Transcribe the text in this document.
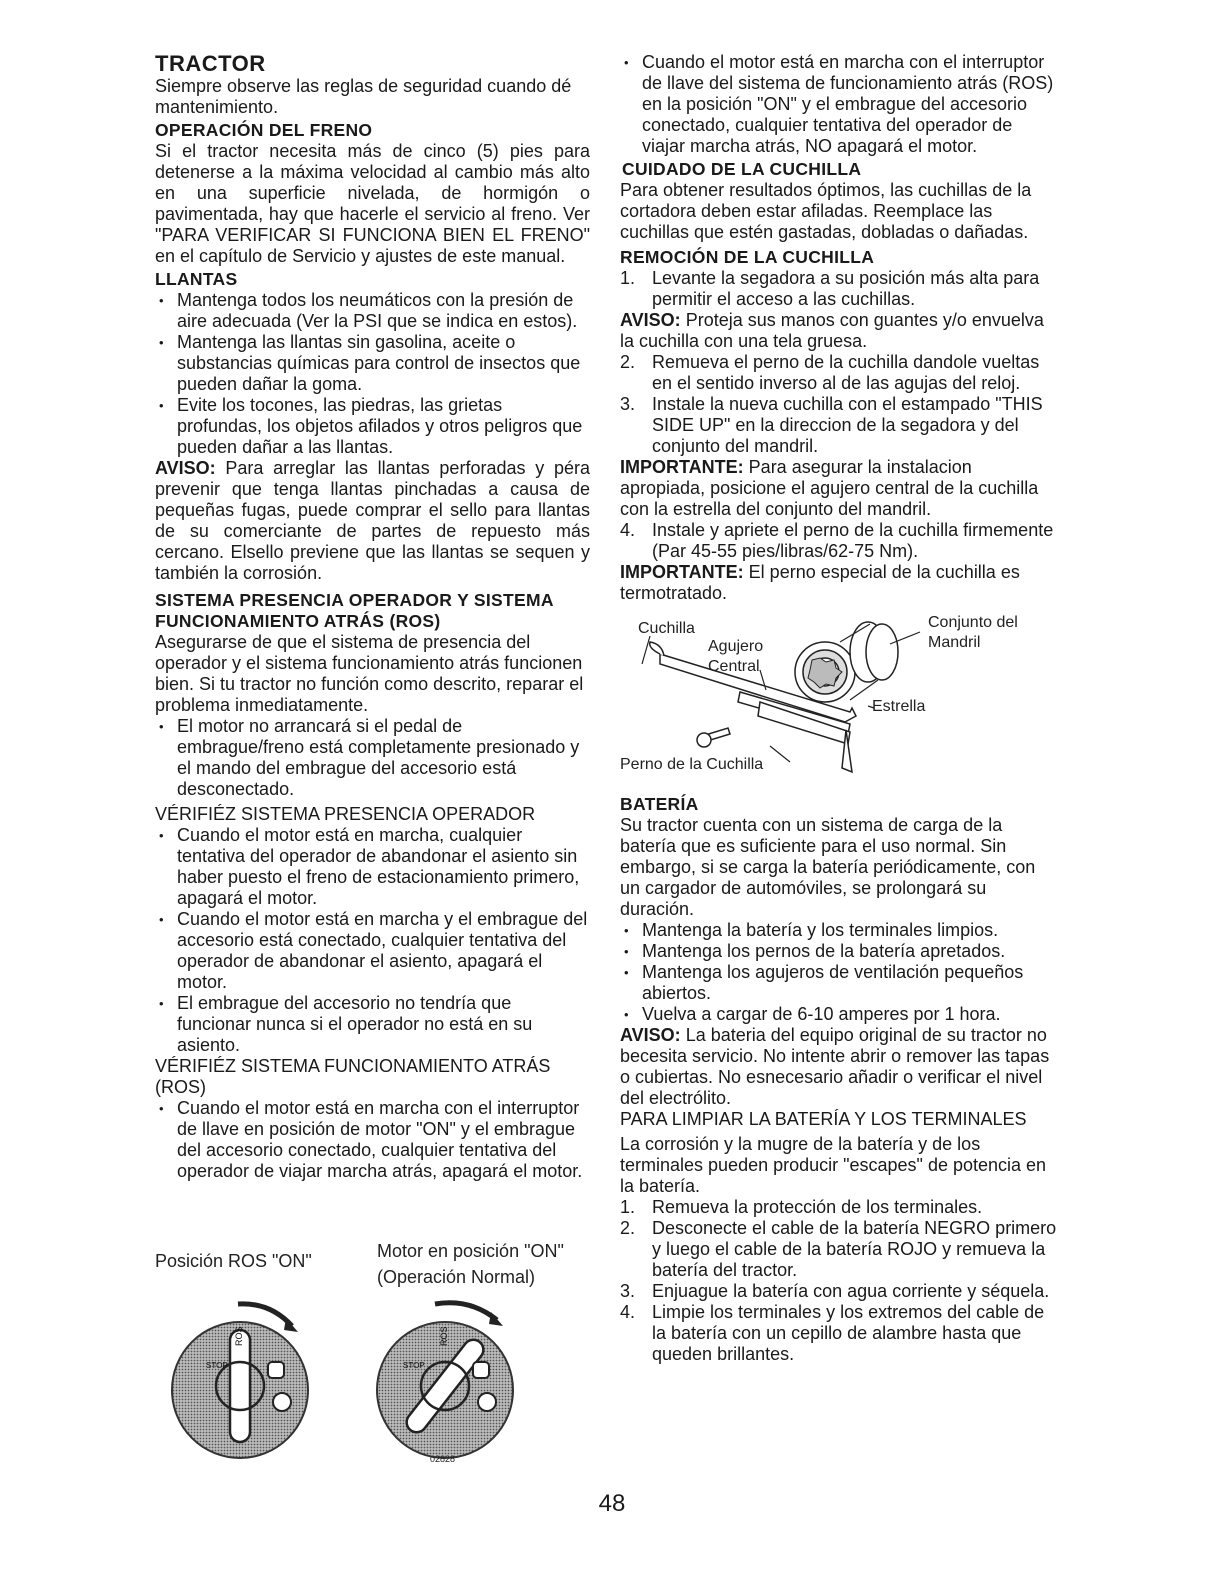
TRACTOR

Siempre observe las reglas de seguridad cuando dé mantenimiento.

OPERACIÓN DEL FRENO

Si el tractor necesita más de cinco (5) pies para detenerse a la máxima velocidad al cambio más alto en una superficie nivelada, de hormigón o pavimentada, hay que hacerle el servicio al freno. Ver "PARA VERIFICAR SI FUNCIONA BIEN EL FRENO" en el capítulo de Servicio y ajustes de este manual.

LLANTAS
• Mantenga todos los neumáticos con la presión de aire adecuada (Ver la PSI que se indica en estos).
• Mantenga las llantas sin gasolina, aceite o substancias químicas para control de insectos que pueden dañar la goma.
• Evite los tocones, las piedras, las grietas profundas, los objetos afilados y otros peligros que pueden dañar a las llantas.

AVISO: Para arreglar las llantas perforadas y péra prevenir que tenga llantas pinchadas a causa de pequeñas fugas, puede comprar el sello para llantas de su comerciante de partes de repuesto más cercano. Elsello previene que las llantas se sequen y también la corrosión.

SISTEMA PRESENCIA OPERADOR Y SISTEMA FUNCIONAMIENTO ATRÁS (ROS)

Asegurarse de que el sistema de presencia del operador y el sistema funcionamiento atrás funcionen bien. Si tu tractor no función como descrito, reparar el problema inmediatamente.

• El motor no arrancará si el pedal de embrague/freno está completamente presionado y el mando del embrague del accesorio está desconectado.

VÉRIFIÉZ SISTEMA PRESENCIA OPERADOR

• Cuando el motor está en marcha, cualquier tentativa del operador de abandonar el asiento sin haber puesto el freno de estacionamiento primero, apagará el motor.
• Cuando el motor está en marcha y el embrague del accesorio está conectado, cualquier tentativa del operador de abandonar el asiento, apagará el motor.
• El embrague del accesorio no tendría que funcionar nunca si el operador no está en su asiento.

VÉRIFIÉZ SISTEMA FUNCIONAMIENTO ATRÁS (ROS)

• Cuando el motor está en marcha con el interruptor de llave en posición de motor "ON" y el embrague del accesorio conectado, cualquier tentativa del operador de viajar marcha atrás, apagará el motor.
Posición ROS "ON"	Motor en posición "ON"
(Operación Normal)
STOP
ROS
STOP
ROS
02828
• Cuando el motor está en marcha con el interruptor de llave del sistema de funcionamiento atrás (ROS) en la posición "ON" y el embrague del accesorio conectado, cualquier tentativa del operador de viajar marcha atrás, NO apagará el motor.
CUIDADO DE LA CUCHILLA

Para obtener resultados óptimos, las cuchillas de la cortadora deben estar afiladas. Reemplace las cuchillas que estén gastadas, dobladas o dañadas.

REMOCIÓN DE LA CUCHILLA
1. Levante la segadora a su posición más alta para permitir el acceso a las cuchillas.

AVISO: Proteja sus manos con guantes y/o envuelva la cuchilla con una tela gruesa.

2. Remueva el perno de la cuchilla dandole vueltas en el sentido inverso al de las agujas del reloj.
3. Instale la nueva cuchilla con el estampado "THIS SIDE UP" en la direccion de la segadora y del conjunto del mandril.

IMPORTANTE: Para asegurar la instalacion apropiada, posicione el agujero central de la cuchilla con la estrella del conjunto del mandril.

4. Instale y apriete el perno de la cuchilla firmemente (Par 45-55 pies/libras/62-75 Nm).

IMPORTANTE: El perno especial de la cuchilla es termotratado.

Cuchilla
Agujero
Central
Conjunto del
Mandril
Estrella
Perno de la Cuchilla
BATERÍA

Su tractor cuenta con un sistema de carga de la batería que es suficiente para el uso normal. Sin embargo, si se carga la batería periódicamente, con un cargador de automóviles, se prolongará su duración.

• Mantenga la batería y los terminales limpios.
• Mantenga los pernos de la batería apretados.
• Mantenga los agujeros de ventilación pequeños abiertos.
• Vuelva a cargar de 6-10 amperes por 1 hora.

AVISO: La bateria del equipo original de su tractor no becesita servicio. No intente abrir o remover las tapas o cubiertas. No esnecesario añadir o verificar el nivel del electrólito.

PARA LIMPIAR LA BATERÍA Y LOS TERMINALES

La corrosión y la mugre de la batería y de los terminales pueden producir "escapes" de potencia en la batería.

1. Remueva la protección de los terminales.
2. Desconecte el cable de la batería NEGRO primero y luego el cable de la batería ROJO y remueva la batería del tractor.
3. Enjuague la batería con agua corriente y séquela.
4. Limpie los terminales y los extremos del cable de la batería con un cepillo de alambre hasta que queden brillantes.
48
